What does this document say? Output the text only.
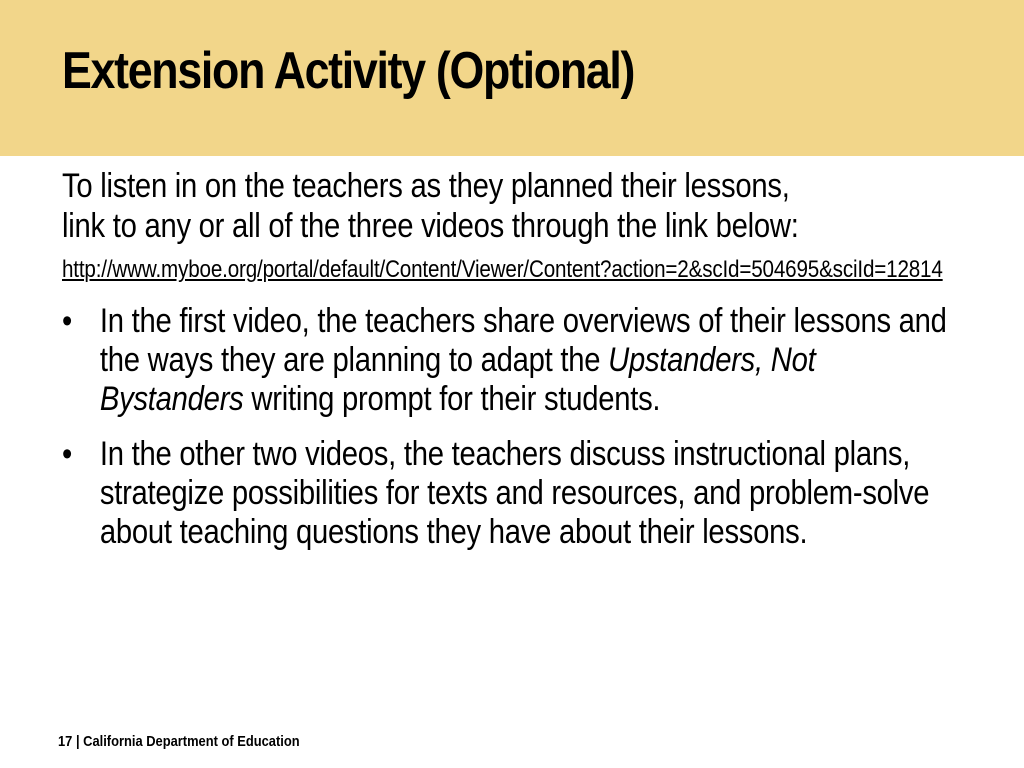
Extension Activity (Optional)

To listen in on the teachers as they planned their lessons,
link to any or all of the three videos through the link below:

http://www.myboe.org/portal/default/Content/Viewer/Content?action=2&scId=504695&sciId=12814
• In the first video, the teachers share overviews of their lessons and the ways they are planning to adapt the Upstanders, Not Bystanders writing prompt for their students.
• In the other two videos, the teachers discuss instructional plans, strategize possibilities for texts and resources, and problem-solve about teaching questions they have about their lessons.
17 | California Department of Education
